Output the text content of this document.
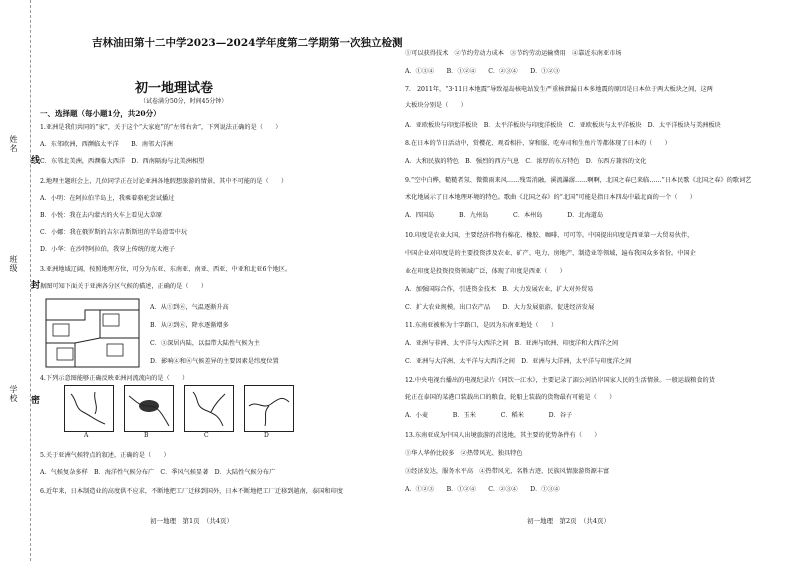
姓名
班级
学校
线
封
密
吉林油田第十二中学2023—2024学年度第二学期第一次独立检测
初一地理试卷
（试卷满分50分，时间45分钟）
一、选择题（每小题1分，共20分）
1.亚洲是我们共同的“家”，关于这个“大家庭”的“左邻右舍”，下列说法正确的是（　　）
A．东邻欧洲，西濒临太平洋　　B．南邻大洋洲
C．东邻北美洲，西濒临大西洋　D．西南隔海与北美洲相望
2.地理主题班会上，几位同学正在讨论亚洲各地假想旅游的情景，其中不可能的是（　　）
A．小明：在阿拉伯半岛上，我乘着骆驼尝试播过
B．小悦：我在去内蒙古的火车上看见大草原
C．小娜：我在俄罗斯的吉尔吉斯斯坦的半岛滑雪中玩
D．小华：在沙特阿拉伯，我穿上传统的宽大袍子
3.亚洲地域辽阔，按照地理方位，可分为东亚、东南亚、南亚、西亚、中亚和北亚6个地区。
据图可知下面关于亚洲各分区气候的描述，正确的是（　　）
A．从①到⑥，气温逐渐升高
B．从②到⑥，降水逐渐增多
C．③深居内陆，以温带大陆性气候为主
D．影响④和⑥气候差异的主要因素是纬度位置
4.下列示意图能够正确反映亚洲河流流向的是（　　）
A	B	C	D
5.关于亚洲气候特点的叙述，正确的是（　　）
A．气候复杂多样　B．海洋性气候分布广　C．季风气候显著　D．大陆性气候分布广
6.近年来，日本制造业的高度供不应求，不断地把工厂迁移到国外，日本不断地把工厂迁移到越南，泰国和印度
初一地理　第1页　（共4页）
①可以获得技术　②节约劳动力成本　③节约劳动运输费用　④靠近东南亚市场
A．①③④　　B．①②④　　C．②③④　　D．①②③
7.　2011年，“3·11日本地震”导致福岛核电站发生严重核泄漏日本多地震的原因是日本位于两大板块之间，这两
大板块分别是（　　）
A．亚欧板块与印度洋板块　B．太平洋板块与印度洋板块　C．亚欧板块与太平洋板块　D．太平洋板块与美洲板块
8.在日本的节日活动中，赏樱花、观看相扑、穿和服、吃寿司和生鱼片等都体现了日本的（　　）
A．大和民族的特色　B．强烈的西方气息　C．浓厚的东方特色　D．东西方兼容的文化
9.“空中白桦，糙糙者氖、微微雨来风……残雪消融，溪流瀑潺……啊啊，北国之春已来临……”日本民歌《北国之春》的歌词艺
术化地展示了日本地理环境的特色。歌曲《北国之春》的“北国”可能是指日本四岛中最北面的一个（　　）
A．四国岛　　　　B．九州岛　　　　C．本州岛　　　　D．北海道岛
10.印度是农业大国，主要经济作物有棉花、橡胶、咖啡、可可等。中国提出印度是西亚第一大贸易伙伴，
中国企业对印度是的主要投资涉及农业、矿产、电力、房地产、制造业等领域，遍布我国众多省份。中国企
业在印度是投资投资领域广泛，体现了印度是西亚（　　）
A．加强国际合作，引进资金技术　B．大力发展农业，扩大对外贸易
C．扩大农业规模，出口农产品　　D．大力发展旅游，促进经济发展
11.东南亚被称为十字路口，是因为东南亚地处（　　）
A．亚洲与非洲、太平洋与大西洋之间　B．亚洲与欧洲、印度洋和大西洋之间
C．亚洲与大洋洲、太平洋与大西洋之间　D．亚洲与大洋洲，太平洋与印度洋之间
12.中央电视台播出的电视纪录片《同饮一江水》，主要记录了湄公河沿岸国家人民的生活情景。一般运载粮食的货
轮正在泰国的某港口装载出口的粮食，轮船上装载的货物最有可能是（　　）
A．小麦　　　　B．玉米　　　　C．稻米　　　　D．谷子
13.东南亚成为中国人出境旅游的首选地，其主要的优势条件有（　　）
①华人华侨比较多　②热带风光、独具特色
③经济发达，服务水平高　④热带风光、名胜古迹、民族风情旅游资源丰富
A．①②③　　B．①②④　　C．②③④　　D．①③④
初一地理　第2页　（共4页）
